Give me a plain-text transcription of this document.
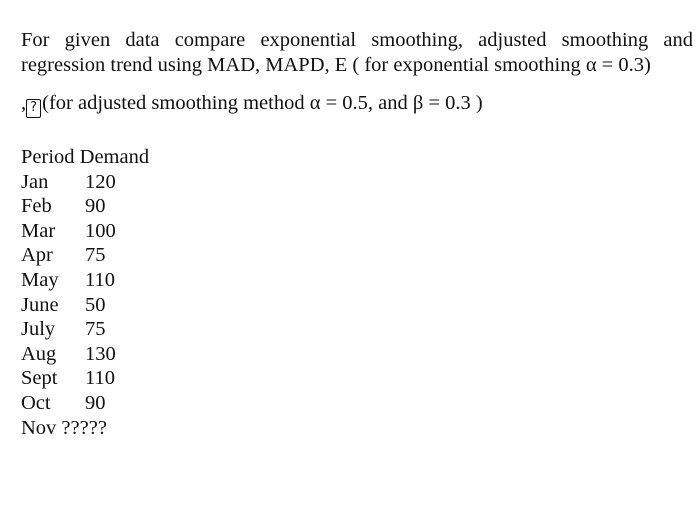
For given data compare exponential smoothing, adjusted smoothing and
regression trend using MAD, MAPD, E ( for exponential smoothing α = 0.3)
, ? (for adjusted smoothing method α = 0.5, and β = 0.3 )
Period Demand
Jan 120
Feb 90
Mar 100
Apr 75
May 110
June 50
July 75
Aug 130
Sept 110
Oct 90
Nov ?????
